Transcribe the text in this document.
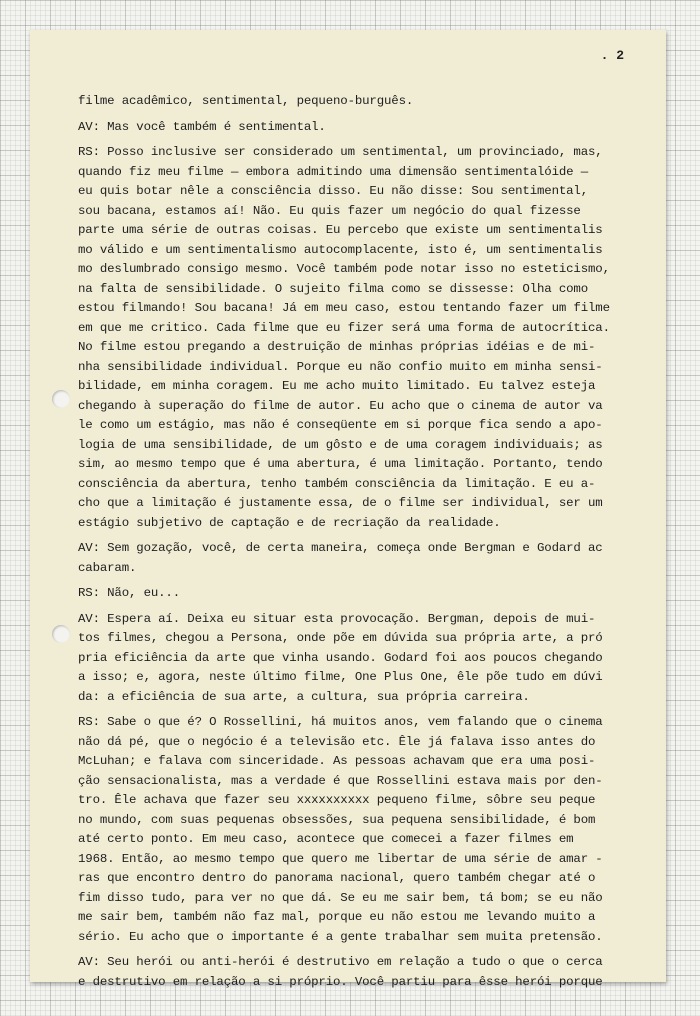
. 2
filme acadêmico, sentimental, pequeno-burguês.
AV: Mas você também é sentimental.
RS: Posso inclusive ser considerado um sentimental, um provinciado, mas,
quando fiz meu filme — embora admitindo uma dimensão sentimentalóide —
eu quis botar nêle a consciência disso. Eu não disse: Sou sentimental,
sou bacana, estamos aí! Não. Eu quis fazer um negócio do qual fizesse
parte uma série de outras coisas. Eu percebo que existe um sentimentalis
mo válido e um sentimentalismo autocomplacente, isto é, um sentimentalis
mo deslumbrado consigo mesmo. Você também pode notar isso no esteticismo,
na falta de sensibilidade. O sujeito filma como se dissesse: Olha como
estou filmando! Sou bacana! Já em meu caso, estou tentando fazer um filme
em que me critico. Cada filme que eu fizer será uma forma de autocrítica.
No filme estou pregando a destruição de minhas próprias idéias e de mi-
nha sensibilidade individual. Porque eu não confio muito em minha sensi-
bilidade, em minha coragem. Eu me acho muito limitado. Eu talvez esteja
chegando à superação do filme de autor. Eu acho que o cinema de autor va
le como um estágio, mas não é conseqüente em si porque fica sendo a apo-
logia de uma sensibilidade, de um gôsto e de uma coragem individuais; as
sim, ao mesmo tempo que é uma abertura, é uma limitação. Portanto, tendo
consciência da abertura, tenho também consciência da limitação. E eu a-
cho que a limitação é justamente essa, de o filme ser individual, ser um
estágio subjetivo de captação e de recriação da realidade.
AV: Sem gozação, você, de certa maneira, começa onde Bergman e Godard ac
cabaram.
RS: Não, eu...
AV: Espera aí. Deixa eu situar esta provocação. Bergman, depois de mui-
tos filmes, chegou a Persona, onde põe em dúvida sua própria arte, a pró
pria eficiência da arte que vinha usando. Godard foi aos poucos chegando
a isso; e, agora, neste último filme, One Plus One, êle põe tudo em dúvi
da: a eficiência de sua arte, a cultura, sua própria carreira.
RS: Sabe o que é? O Rossellini, há muitos anos, vem falando que o cinema
não dá pé, que o negócio é a televisão etc. Êle já falava isso antes do
McLuhan; e falava com sinceridade. As pessoas achavam que era uma posi-
ção sensacionalista, mas a verdade é que Rossellini estava mais por den-
tro. Êle achava que fazer seu xxxxxxxxxx pequeno filme, sôbre seu peque
no mundo, com suas pequenas obsessões, sua pequena sensibilidade, é bom
até certo ponto. Em meu caso, acontece que comecei a fazer filmes em
1968. Então, ao mesmo tempo que quero me libertar de uma série de amar -
ras que encontro dentro do panorama nacional, quero também chegar até o
fim disso tudo, para ver no que dá. Se eu me sair bem, tá bom; se eu não
me sair bem, também não faz mal, porque eu não estou me levando muito a
sério. Eu acho que o importante é a gente trabalhar sem muita pretensão.
AV: Seu herói ou anti-herói é destrutivo em relação a tudo o que o cerca
e destrutivo em relação a si próprio. Você partiu para êsse herói porque
